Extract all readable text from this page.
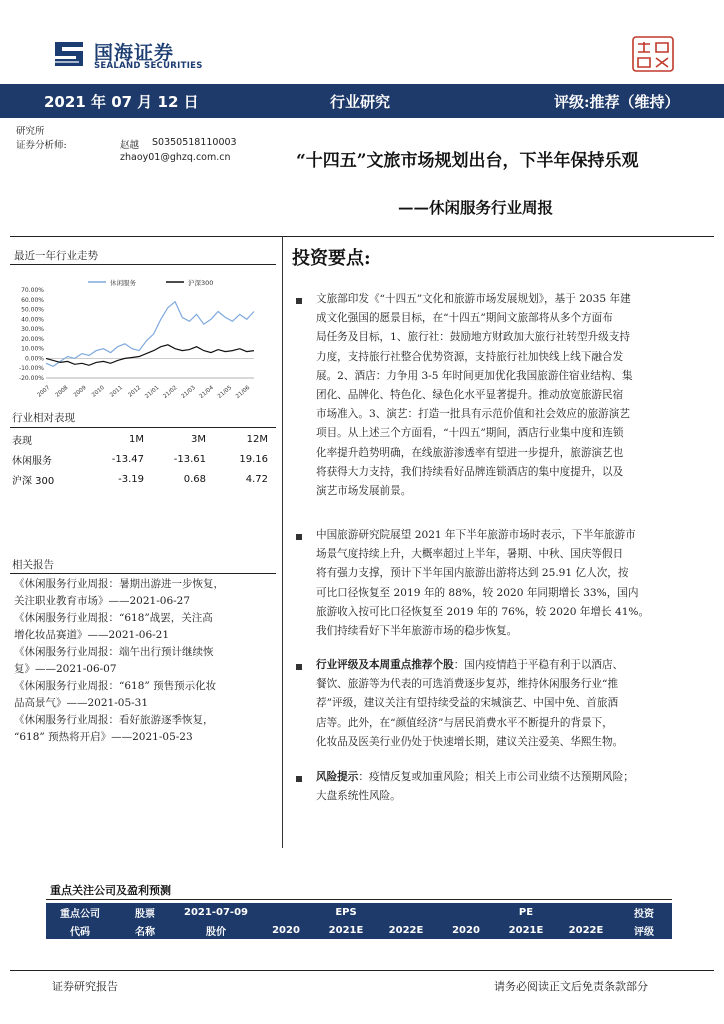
国海证券
SEALAND SECURITIES
2021 年 07 月 12 日	行业研究	评级:推荐（维持）
研究所
证券分析师:	赵越 S0350518110003
zhaoy01@ghzq.com.cn	“十四五”文旅市场规划出台，下半年保持乐观
——休闲服务行业周报
最近一年行业走势
休闲服务	沪深300
70.00%
60.00%
50.00%
40.00%
30.00%
20.00%
10.00%
0.00%
-10.00%
-20.00%
2007 2008 2009 2010 2011 2012 21/01 21/02 21/03 21/04 21/05 21/06
行业相对表现
表现	1M	3M	12M
休闲服务	-13.47	-13.61	19.16
沪深 300	-3.19	0.68	4.72
相关报告
《休闲服务行业周报：暑期出游进一步恢复，
关注职业教育市场》——2021-06-27
《休闲服务行业周报：“618”战罢，关注高
增化妆品赛道》——2021-06-21
《休闲服务行业周报：端午出行预计继续恢
复》——2021-06-07
《休闲服务行业周报：“618” 预售预示化妆
品高景气》——2021-05-31
《休闲服务行业周报：看好旅游逐季恢复，
“618” 预热将开启》——2021-05-23
投资要点:
文旅部印发《“十四五”文化和旅游市场发展规划》，基于 2035 年建
成文化强国的愿景目标，在“十四五”期间文旅部将从多个方面布
局任务及目标，1、旅行社：鼓励地方财政加大旅行社转型升级支持
力度，支持旅行社整合优势资源，支持旅行社加快线上线下融合发
展。2、酒店：力争用 3-5 年时间更加优化我国旅游住宿业结构、集
团化、品牌化、特色化、绿色化水平显著提升。推动放宽旅游民宿
市场准入。3、演艺：打造一批具有示范价值和社会效应的旅游演艺
项目。从上述三个方面看，“十四五”期间，酒店行业集中度和连锁
化率提升趋势明确，在线旅游渗透率有望进一步提升，旅游演艺也
将获得大力支持，我们持续看好品牌连锁酒店的集中度提升，以及
演艺市场发展前景。
中国旅游研究院展望 2021 年下半年旅游市场时表示，下半年旅游市
场景气度持续上升，大概率超过上半年，暑期、中秋、国庆等假日
将有强力支撑，预计下半年国内旅游出游将达到 25.91 亿人次，按
可比口径恢复至 2019 年的 88%，较 2020 年同期增长 33%，国内
旅游收入按可比口径恢复至 2019 年的 76%，较 2020 年增长 41%。
我们持续看好下半年旅游市场的稳步恢复。
行业评级及本周重点推荐个股：国内疫情趋于平稳有利于以酒店、
餐饮、旅游等为代表的可选消费逐步复苏，维持休闲服务行业“推
荐”评级，建议关注有望持续受益的宋城演艺、中国中免、首旅酒
店等。此外，在“颜值经济”与居民消费水平不断提升的背景下，
化妆品及医美行业仍处于快速增长期，建议关注爱美、华熙生物。
风险提示：疫情反复或加重风险；相关上市公司业绩不达预期风险；
大盘系统性风险。
重点关注公司及盈利预测
重点公司	股票	2021-07-09	EPS			PE			投资
代码	名称	股价	2020	2021E	2022E	2020	2021E	2022E	评级
证券研究报告	请务必阅读正文后免责条款部分
